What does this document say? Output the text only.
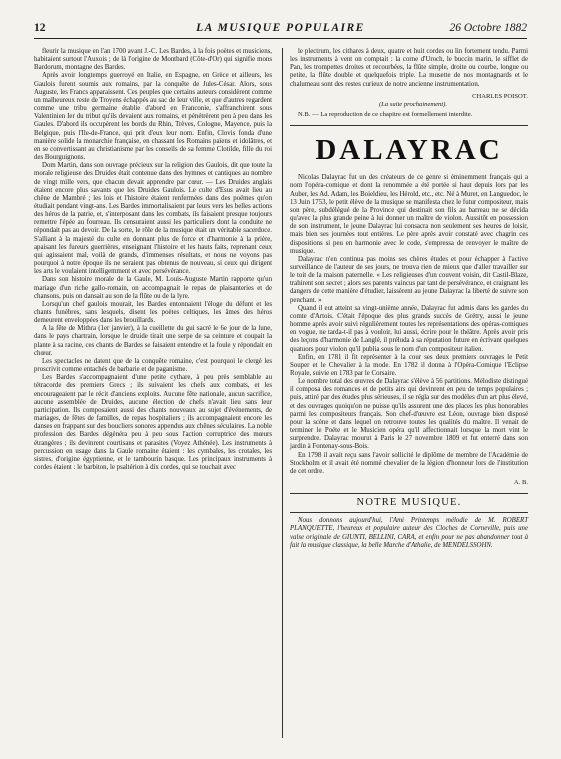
12	LA MUSIQUE POPULAIRE	26 Octobre 1882

fleurir la musique en l'an 1700 avant J.-C. Les Bardes, à la fois poètes et musiciens, habitaient surtout l'Auxois ; de là l'origine de Montbard (Côte-d'Or) qui signifie mons Bardorum, montagne des Bardes.

Après avoir longtemps guerroyé en Italie, en Espagne, en Grèce et ailleurs, les Gaulois furent soumis aux romains, par la conquête de Jules-César. Alors, sous Auguste, les Francs apparaissent. Ces peuples que certains auteurs considèrent comme un malheureux reste de Troyens échappés au sac de leur ville, et que d'autres regardent comme une tribu germaine établie d'abord en Franconie, s'affranchirent sous Valentinien Ier du tribut qu'ils devaient aux romains, et pénétrèrent peu à peu dans les Gaules. D'abord ils occupèrent les bords du Rhin, Trèves, Cologne, Mayence, puis la Belgique, puis l'Ile-de-France, qui prit d'eux leur nom. Enfin, Clovis fonda d'une manière solide la monarchie française, en chassant les Romains païens et idolâtres, et en se convertissant au christianisme par les conseils de sa femme Clotilde, fille du roi des Bourguignons.

Dom Martin, dans son ouvrage précieux sur la religion des Gaulois, dit que toute la morale religieuse des Druides était contenue dans des hymnes et cantiques au nombre de vingt mille vers, que chacun devait apprendre par cœur. — Les Druides anglais étaient encore plus savants que les Druides Gaulois. Le culte d'Esus avait lieu au chêne de Mambré ; les lois et l'histoire étaient renfermées dans des poëmes qu'on étudiait pendant vingt-ans. Les Bardes immortalisaient par leurs vers les belles actions des héros de la patrie, et, s'interposant dans les combats, ils faisaient presque toujours remettre l'épée au fourreau. Ils censuraient aussi les particuliers dont la conduite ne répondait pas au devoir. De la sorte, le rôle de la musique était un véritable sacerdoce. S'alliant à la majesté du culte en donnant plus de force et d'harmonie à la prière, apaisant les fureurs guerrières, enseignant l'histoire et les hauts faits, reprenant ceux qui agissaient mal, voilà de grands, d'immenses résultats, et nous ne voyons pas pourquoi à notre époque ils ne seraient pas obtenus de nouveau, si ceux qui dirigent les arts le voulaient intelligemment et avec persévérance.

Dans son histoire morale de la Gaule, M. Louis-Auguste Martin rapporte qu'un mariage d'un riche gallo-romain, on accompagnait le repas de plaisanteries et de chansons, puis on dansait au son de la flûte ou de la lyre.

Lorsqu'un chef gaulois mourait, les Bardes entonnaient l'éloge du défunt et les chants funèbres, sans lesquels, disent les poètes celtiques, les âmes des héros demeurent enveloppées dans les brouillards.

A la fête de Mithra (1er janvier), à la cueillette du gui sacré le 6e jour de la lune, dans le pays chartrain, lorsque le druide tirait une serpe de sa ceinture et coupait la plante à sa racine, ces chants de Bardes se faisaient entendre et la foule y répondait en chœur.

Les spectacles ne datent que de la conquête romaine, c'est pourquoi le clergé les proscrivit comme entachés de barbarie et de paganisme.

Les Bardes s'accompagnaient d'une petite cythare, à peu près semblable au tétracorde des premiers Grecs ; ils suivaient les chefs aux combats, et les encourageaient par le récit d'anciens exploits. Aucune fête nationale, aucun sacrifice, aucune assemblée de Druides, aucune élection de chefs n'avait lieu sans leur participation. Ils composaient aussi des chants nouveaux au sujet d'événements, de mariages, de fêtes de familles, de repas hospitaliers ; ils accompagnaient encore les danses en frappant sur des boucliers sonores appendus aux chênes séculaires. La noble profession des Bardes dégénéra peu à peu sous l'action corruptrice des mœurs étrangères ; ils devinrent courtisans et parasites (Voyez Athénée). Les instruments à percussion en usage dans la Gaule romaine étaient : les cymbales, les crotales, les sistres, d'origine égyptienne, et le tambourin basque. Les principaux instruments à cordes étaient : le barbiton, le psaltérion à dix cordes, qui se touchait avec

le plectrum, les cithares à deux, quatre et huit cordes ou lin fortement tendu. Parmi les instruments à vent on comptait : la corne d'Uroch, le buccin marin, le sifflet de Pan, les trompettes droites et recourbées, la flûte simple, droite ou courbe, longue ou petite, la flûte double et quelquefois triple. La musette de nos montagnards et le chalumeau sont des restes curieux de notre ancienne instrumentation.

CHARLES POISOT.

(La suite prochainement).

N.B. — La reproduction de ce chapitre est formellement interdite.

DALAYRAC

Nicolas Dalayrac fut un des créateurs de ce genre si éminemment français qui a nom l'opéra-comique et dont la renommée a été portée si haut depuis lors par les Auber, les Ad. Adam, les Boieldieu, les Hérold, etc., etc. Né à Muret, en Languedoc, le 13 Juin 1753, le petit élève de la musique se manifesta chez le futur compositeur, mais son père, subdélégué de la Province qui destinait son fils au barreau ne se décida qu'avec la plus grande peine à lui donner un maître de violon. Aussitôt en possession de son instrument, le jeune Dalayrac lui consacra non seulement ses heures de loisir, mais bien ses journées tout entières. Le père après avoir constaté avec chagrin ces dispositions si peu en harmonie avec le code, s'empressa de renvoyer le maître de musique.

Dalayrac n'en continua pas moins ses chères études et pour échapper à l'active surveillance de l'auteur de ses jours, ne trouva rien de mieux que d'aller travailler sur le toit de la maison paternelle. « Les religieuses d'un couvent voisin, dit Castil-Blaze, trahirent son secret ; alors ses parents vaincus par tant de persévérance, et craignant les dangers de cette manière d'étudier, laissèrent au jeune Dalayrac la liberté de suivre son penchant. »

Quand il eut atteint sa vingt-unième année, Dalayrac fut admis dans les gardes du comte d'Artois. C'était l'époque des plus grands succès de Grétry, aussi le jeune homme après avoir suivi régulièrement toutes les représentations des opéras-comiques en vogue, ne tarda-t-il pas à vouloir, lui aussi, écrire pour le théâtre. Après avoir pris des leçons d'harmonie de Langlé, il préluda à sa réputation future en écrivant quelques quatuors pour violon qu'il publia sous le nom d'un compositeur italien.

Enfin, en 1781 il fit représenter à la cour ses deux premiers ouvrages le Petit Souper et le Chevalier à la mode. En 1782 il donna à l'Opéra-Comique l'Eclipse Royale, suivie en 1783 par le Corsaire.

Le nombre total des œuvres de Dalayrac s'élève à 56 partitions. Mélodiste distingué il composa des romances et de petits airs qui devinrent en peu de temps populaires ; puis, attiré par des études plus sérieuses, il se régla sur des modèles d'un art plus élevé, et des ouvrages quoiqu'on ne puisse qu'ils assurent une des places les plus honorables parmi les compositeurs français. Son chef-d'œuvre est Léon, ouvrage bien disposé pour la scène et dans lequel on retrouve toutes les qualités du maître. Il venait de terminer le Poëte et le Musicien opéra qu'il affectionnait lorsque la mort vint le surprendre. Dalayrac mourut à Paris le 27 novembre 1809 et fut enterré dans son jardin à Fontenay-sous-Bois.

En 1798 il avait reçu sans l'avoir sollicité le diplôme de membre de l'Académie de Stockholm et il avait été nommé chevalier de la légion d'honneur lors de l'institution de cet ordre.

A. B.

NOTRE MUSIQUE.

Nous donnons aujourd'hui, l'Ami Printemps mélodie de M. ROBERT PLANQUETTE, l'heureux et populaire auteur des Cloches de Corneville, puis une valse originale de GIUNTI, BELLINI, CARA, et enfin pour ne pas abandonner tout à fait la musique classique, la belle Marche d'Athalie, de MENDELSSOHN.
